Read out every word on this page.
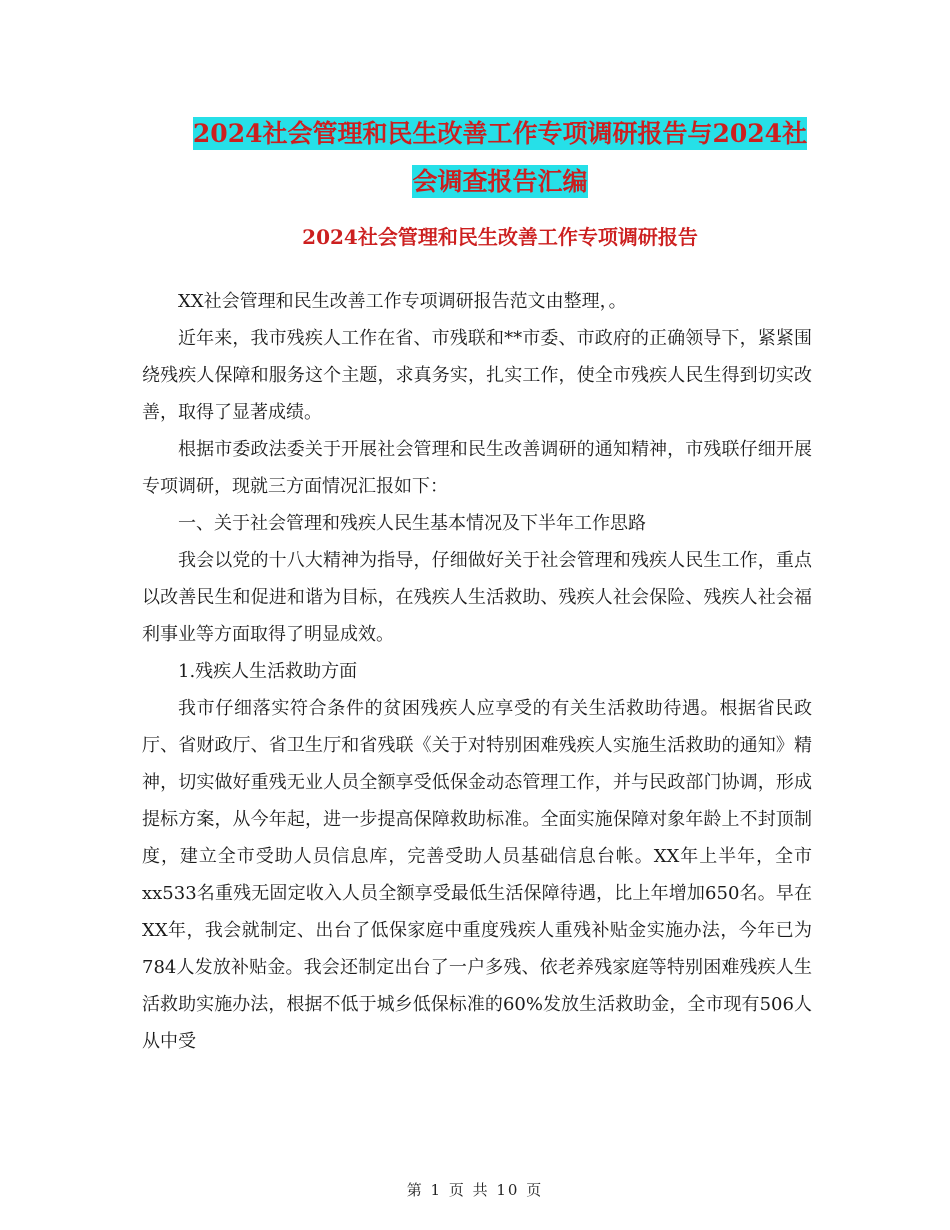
2024社会管理和民生改善工作专项调研报告与2024社
会调查报告汇编
2024社会管理和民生改善工作专项调研报告

XX社会管理和民生改善工作专项调研报告范文由整理，。

近年来，我市残疾人工作在省、市残联和**市委、市政府的正确领导下，紧紧围绕残疾人保障和服务这个主题，求真务实，扎实工作，使全市残疾人民生得到切实改善，取得了显著成绩。

根据市委政法委关于开展社会管理和民生改善调研的通知精神，市残联仔细开展专项调研，现就三方面情况汇报如下：

一、关于社会管理和残疾人民生基本情况及下半年工作思路

我会以党的十八大精神为指导，仔细做好关于社会管理和残疾人民生工作，重点以改善民生和促进和谐为目标，在残疾人生活救助、残疾人社会保险、残疾人社会福利事业等方面取得了明显成效。

1.残疾人生活救助方面

我市仔细落实符合条件的贫困残疾人应享受的有关生活救助待遇。根据省民政厅、省财政厅、省卫生厅和省残联《关于对特别困难残疾人实施生活救助的通知》精神，切实做好重残无业人员全额享受低保金动态管理工作，并与民政部门协调，形成提标方案，从今年起，进一步提高保障救助标准。全面实施保障对象年龄上不封顶制度，建立全市受助人员信息库，完善受助人员基础信息台帐。XX年上半年，全市xx533名重残无固定收入人员全额享受最低生活保障待遇，比上年增加650名。早在XX年，我会就制定、出台了低保家庭中重度残疾人重残补贴金实施办法，今年已为784人发放补贴金。我会还制定出台了一户多残、依老养残家庭等特别困难残疾人生活救助实施办法，根据不低于城乡低保标准的60%发放生活救助金，全市现有506人从中受

第 1 页 共 10 页
